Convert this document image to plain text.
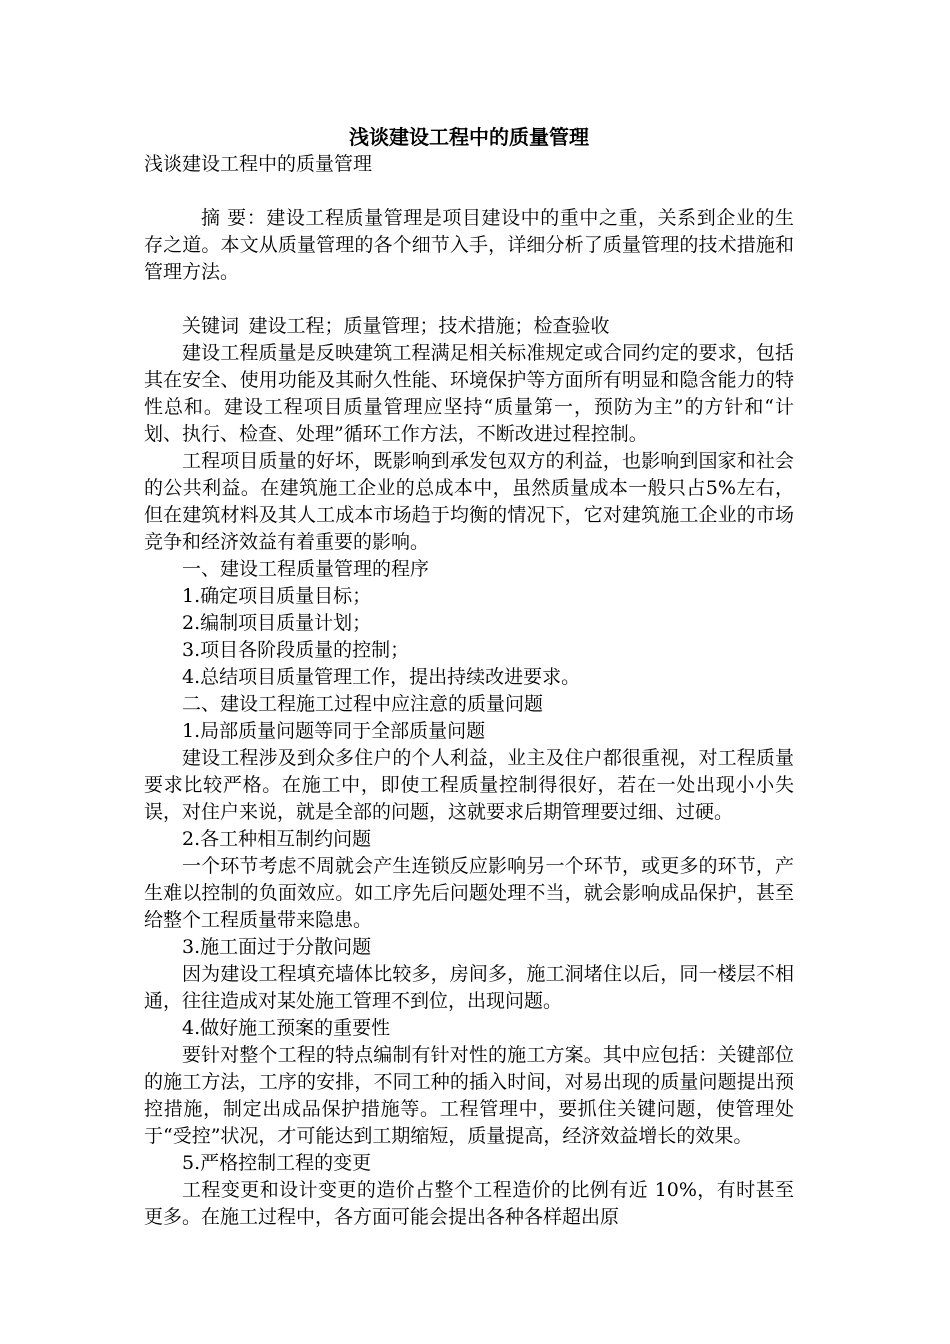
浅谈建设工程中的质量管理
浅谈建设工程中的质量管理

摘 要：建设工程质量管理是项目建设中的重中之重，关系到企业的生存之道。本文从质量管理的各个细节入手，详细分析了质量管理的技术措施和管理方法。

关键词 建设工程；质量管理；技术措施；检查验收

建设工程质量是反映建筑工程满足相关标准规定或合同约定的要求，包括其在安全、使用功能及其耐久性能、环境保护等方面所有明显和隐含能力的特性总和。建设工程项目质量管理应坚持“质量第一，预防为主”的方针和“计划、执行、检查、处理”循环工作方法，不断改进过程控制。

工程项目质量的好坏，既影响到承发包双方的利益，也影响到国家和社会的公共利益。在建筑施工企业的总成本中，虽然质量成本一般只占5%左右，但在建筑材料及其人工成本市场趋于均衡的情况下，它对建筑施工企业的市场竞争和经济效益有着重要的影响。

一、建设工程质量管理的程序

1.确定项目质量目标；

2.编制项目质量计划；

3.项目各阶段质量的控制；

4.总结项目质量管理工作，提出持续改进要求。

二、建设工程施工过程中应注意的质量问题

1.局部质量问题等同于全部质量问题

建设工程涉及到众多住户的个人利益，业主及住户都很重视，对工程质量要求比较严格。在施工中，即使工程质量控制得很好，若在一处出现小小失误，对住户来说，就是全部的问题，这就要求后期管理要过细、过硬。

2.各工种相互制约问题

一个环节考虑不周就会产生连锁反应影响另一个环节，或更多的环节，产生难以控制的负面效应。如工序先后问题处理不当，就会影响成品保护，甚至给整个工程质量带来隐患。

3.施工面过于分散问题

因为建设工程填充墙体比较多，房间多，施工洞堵住以后，同一楼层不相通，往往造成对某处施工管理不到位，出现问题。

4.做好施工预案的重要性

要针对整个工程的特点编制有针对性的施工方案。其中应包括：关键部位的施工方法，工序的安排，不同工种的插入时间，对易出现的质量问题提出预控措施，制定出成品保护措施等。工程管理中，要抓住关键问题，使管理处于“受控”状况，才可能达到工期缩短，质量提高，经济效益增长的效果。

5.严格控制工程的变更

工程变更和设计变更的造价占整个工程造价的比例有近 10%，有时甚至更多。在施工过程中，各方面可能会提出各种各样超出原
